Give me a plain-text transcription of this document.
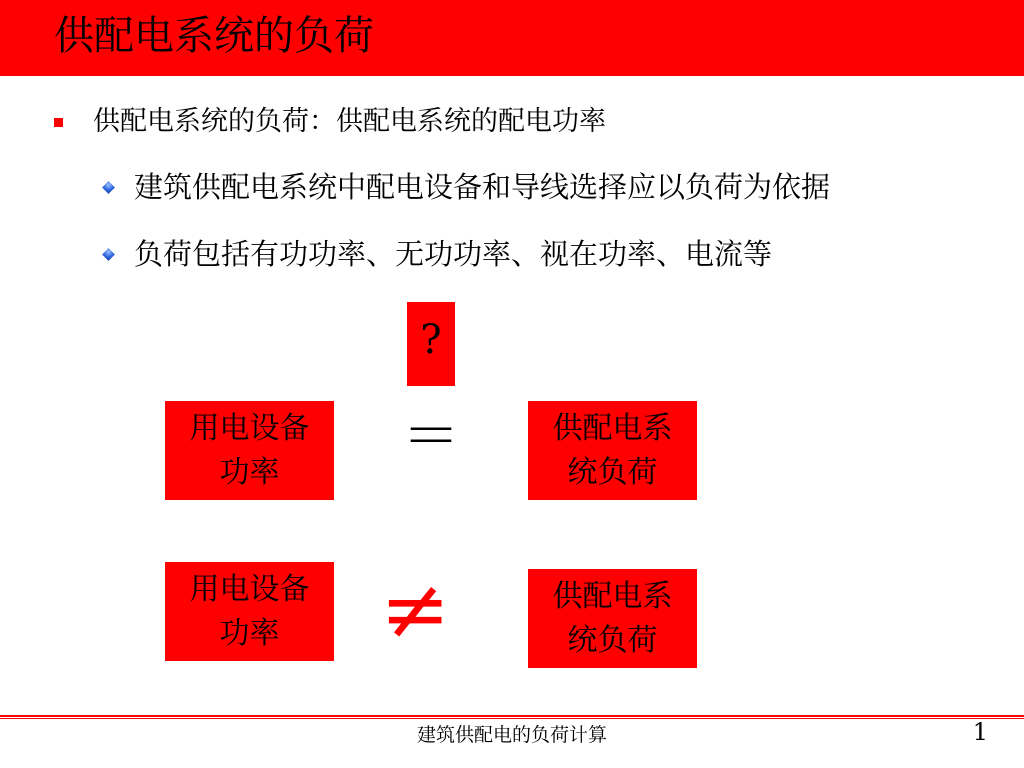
供配电系统的负荷
供配电系统的负荷：供配电系统的配电功率
建筑供配电系统中配电设备和导线选择应以负荷为依据
负荷包括有功功率、无功功率、视在功率、电流等
?
用电设备
功率
＝	供配电系
统负荷
用电设备
功率	≠	供配电系
统负荷
建筑供配电的负荷计算	1
